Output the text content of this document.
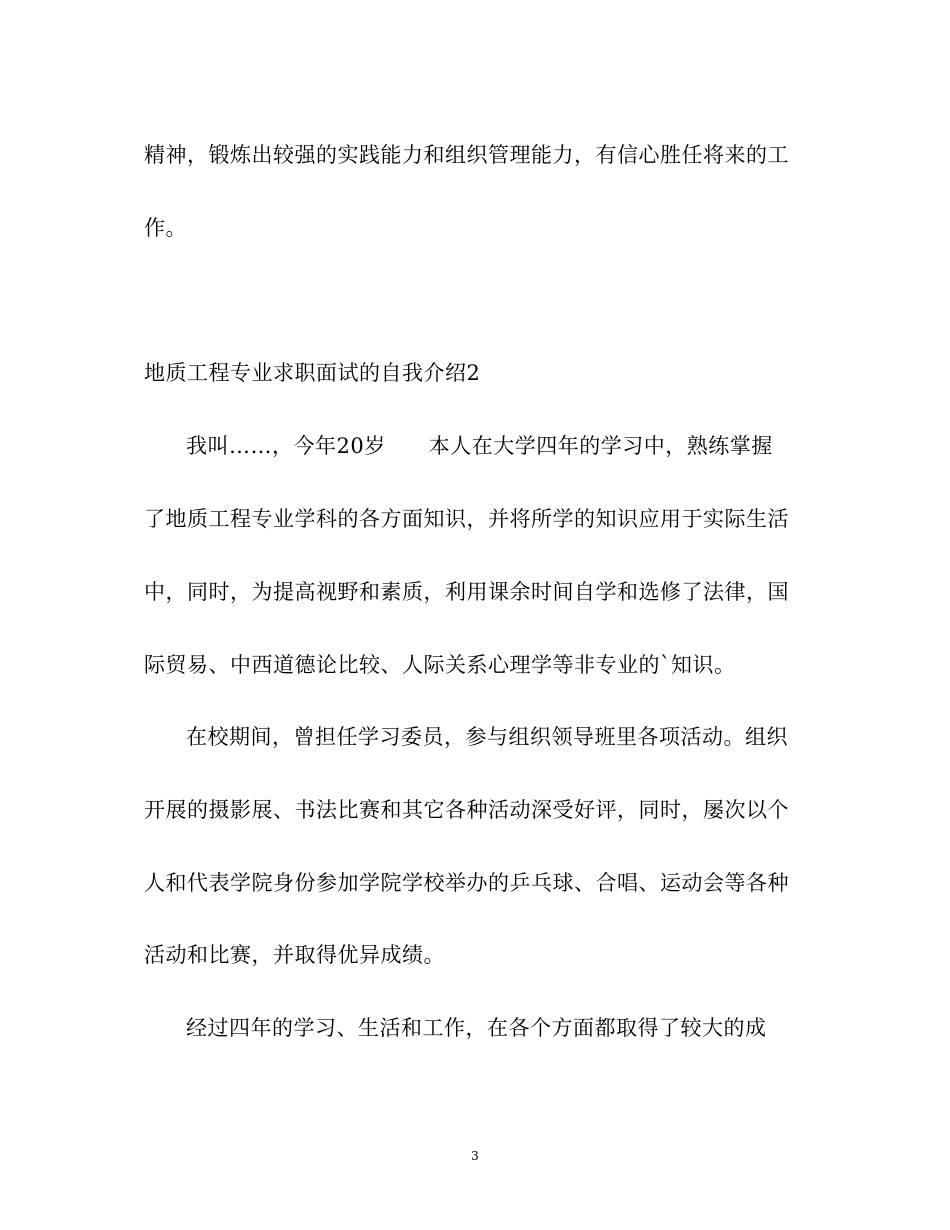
精神，锻炼出较强的实践能力和组织管理能力，有信心胜任将来的工
作。
地质工程专业求职面试的自我介绍2
我叫……，今年20岁　　本人在大学四年的学习中，熟练掌握
了地质工程专业学科的各方面知识，并将所学的知识应用于实际生活
中，同时，为提高视野和素质，利用课余时间自学和选修了法律，国
际贸易、中西道德论比较、人际关系心理学等非专业的`知识。
在校期间，曾担任学习委员，参与组织领导班里各项活动。组织
开展的摄影展、书法比赛和其它各种活动深受好评，同时，屡次以个
人和代表学院身份参加学院学校举办的乒乓球、合唱、运动会等各种
活动和比赛，并取得优异成绩。
经过四年的学习、生活和工作，在各个方面都取得了较大的成
3
